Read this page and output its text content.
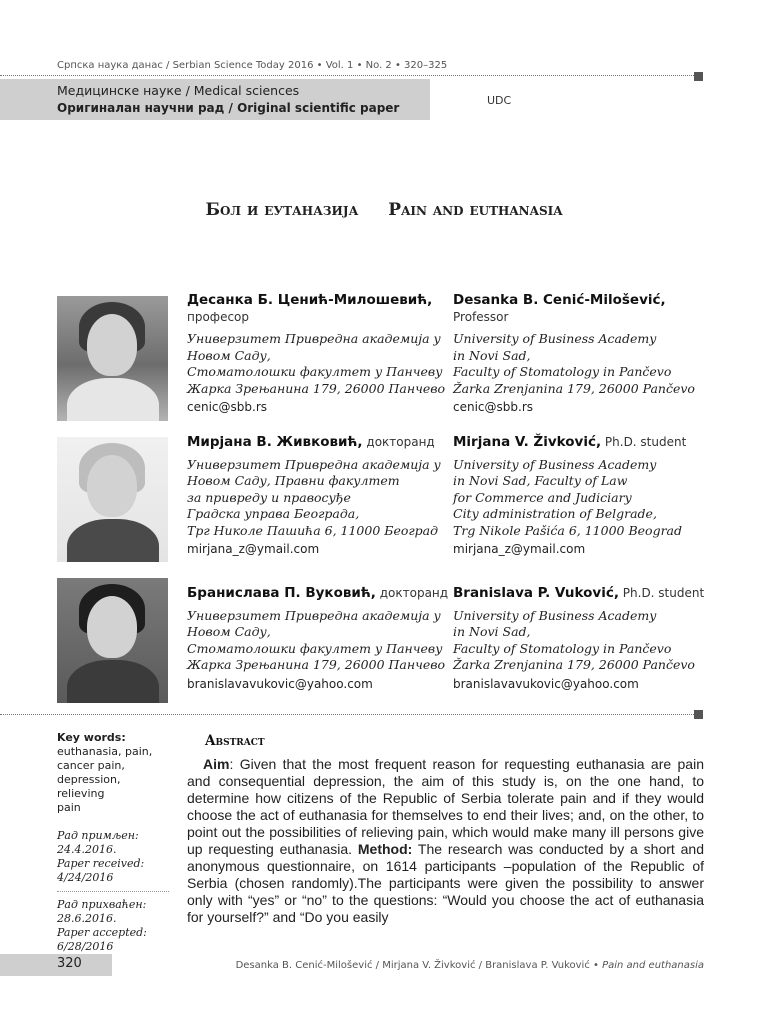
Српска наука данас / Serbian Science Today 2016 • Vol. 1 • No. 2 • 320–325
Медицинске науке / Medical sciences
Оригиналан научни рад / Original scientific paper
UDC
Бол и еутаназија Pain and euthanasia
Десанка Б. Ценић-Милошевић,
професор
Универзитет Привредна академија у
Новом Саду,
Стоматолошки факултет у Панчеву
Жарка Зрењанина 179, 26000 Панчево
cenic@sbb.rs
Desanka B. Cenić-Milošević,
Professor
University of Business Academy
in Novi Sad,
Faculty of Stomatology in Pančevo
Žarka Zrenjanina 179, 26000 Pančevo
cenic@sbb.rs
Мирјана В. Живковић, докторанд
Универзитет Привредна академија у
Новом Саду, Правни факултет
за привреду и правосуђе
Градска управа Београда,
Трг Николе Пашића 6, 11000 Београд
mirjana_z@ymail.com
Mirjana V. Živković, Ph.D. student
University of Business Academy
in Novi Sad, Faculty of Law
for Commerce and Judiciary
City administration of Belgrade,
Trg Nikole Pašića 6, 11000 Beograd
mirjana_z@ymail.com
Бранислава П. Вуковић, докторанд
Универзитет Привредна академија у
Новом Саду,
Стоматолошки факултет у Панчеву
Жарка Зрењанина 179, 26000 Панчево
branislavavukovic@yahoo.com
Branislava P. Vuković, Ph.D. student
University of Business Academy
in Novi Sad,
Faculty of Stomatology in Pančevo
Žarka Zrenjanina 179, 26000 Pančevo
branislavavukovic@yahoo.com
Key words:
euthanasia, pain,
cancer pain,
depression, relieving
pain
Рад примљен:
24.4.2016.
Paper received:
4/24/2016
Рад прихваћен:
28.6.2016.
Paper accepted:
6/28/2016
Abstract
Aim: Given that the most frequent reason for requesting euthanasia are pain and consequential depression, the aim of this study is, on the one hand, to determine how citizens of the Republic of Serbia tolerate pain and if they would choose the act of euthanasia for themselves to end their lives; and, on the other, to point out the possibilities of relieving pain, which would make many ill persons give up requesting euthanasia. Method: The research was conducted by a short and anonymous questionnaire, on 1614 participants –population of the Republic of Serbia (chosen randomly).The participants were given the possibility to answer only with “yes” or “no” to the questions: “Would you choose the act of euthanasia for yourself?” and “Do you easily
320	Desanka B. Cenić-Milošević / Mirjana V. Živković / Branislava P. Vuković • Pain and euthanasia
